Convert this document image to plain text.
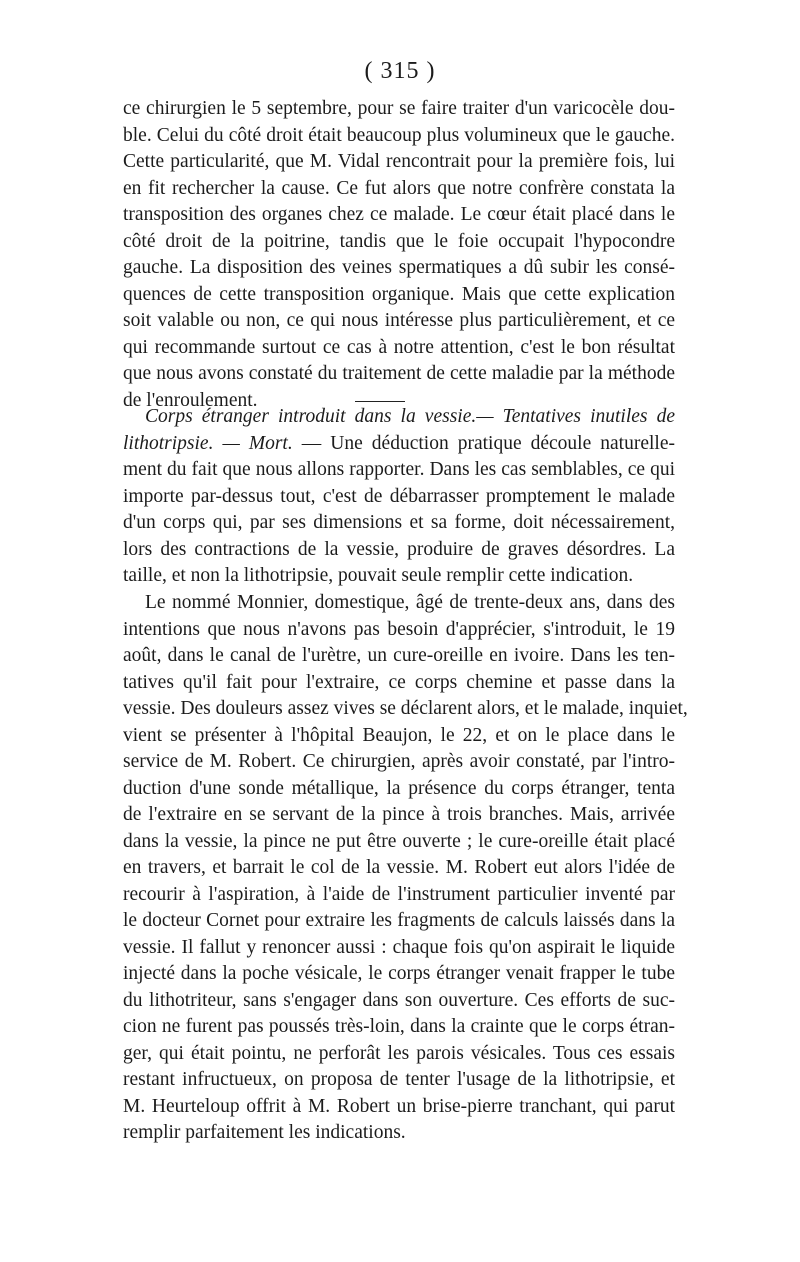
( 315 )
ce chirurgien le 5 septembre, pour se faire traiter d'un varicocèle dou-
ble. Celui du côté droit était beaucoup plus volumineux que le gauche.
Cette particularité, que M. Vidal rencontrait pour la première fois, lui
en fit rechercher la cause. Ce fut alors que notre confrère constata la
transposition des organes chez ce malade. Le cœur était placé dans le
côté droit de la poitrine, tandis que le foie occupait l'hypocondre
gauche. La disposition des veines spermatiques a dû subir les consé-
quences de cette transposition organique. Mais que cette explication
soit valable ou non, ce qui nous intéresse plus particulièrement, et ce
qui recommande surtout ce cas à notre attention, c'est le bon résultat
que nous avons constaté du traitement de cette maladie par la méthode
de l'enroulement.
Corps étranger introduit dans la vessie.— Tentatives inutiles de
lithotripsie. — Mort. — Une déduction pratique découle naturelle-
ment du fait que nous allons rapporter. Dans les cas semblables, ce qui
importe par-dessus tout, c'est de débarrasser promptement le malade
d'un corps qui, par ses dimensions et sa forme, doit nécessairement,
lors des contractions de la vessie, produire de graves désordres. La
taille, et non la lithotripsie, pouvait seule remplir cette indication.
Le nommé Monnier, domestique, âgé de trente-deux ans, dans des
intentions que nous n'avons pas besoin d'apprécier, s'introduit, le 19
août, dans le canal de l'urètre, un cure-oreille en ivoire. Dans les ten-
tatives qu'il fait pour l'extraire, ce corps chemine et passe dans la
vessie. Des douleurs assez vives se déclarent alors, et le malade, inquiet,
vient se présenter à l'hôpital Beaujon, le 22, et on le place dans le
service de M. Robert. Ce chirurgien, après avoir constaté, par l'intro-
duction d'une sonde métallique, la présence du corps étranger, tenta
de l'extraire en se servant de la pince à trois branches. Mais, arrivée
dans la vessie, la pince ne put être ouverte ; le cure-oreille était placé
en travers, et barrait le col de la vessie. M. Robert eut alors l'idée de
recourir à l'aspiration, à l'aide de l'instrument particulier inventé par
le docteur Cornet pour extraire les fragments de calculs laissés dans la
vessie. Il fallut y renoncer aussi : chaque fois qu'on aspirait le liquide
injecté dans la poche vésicale, le corps étranger venait frapper le tube
du lithotriteur, sans s'engager dans son ouverture. Ces efforts de suc-
cion ne furent pas poussés très-loin, dans la crainte que le corps étran-
ger, qui était pointu, ne perforât les parois vésicales. Tous ces essais
restant infructueux, on proposa de tenter l'usage de la lithotripsie, et
M. Heurteloup offrit à M. Robert un brise-pierre tranchant, qui parut
remplir parfaitement les indications.
